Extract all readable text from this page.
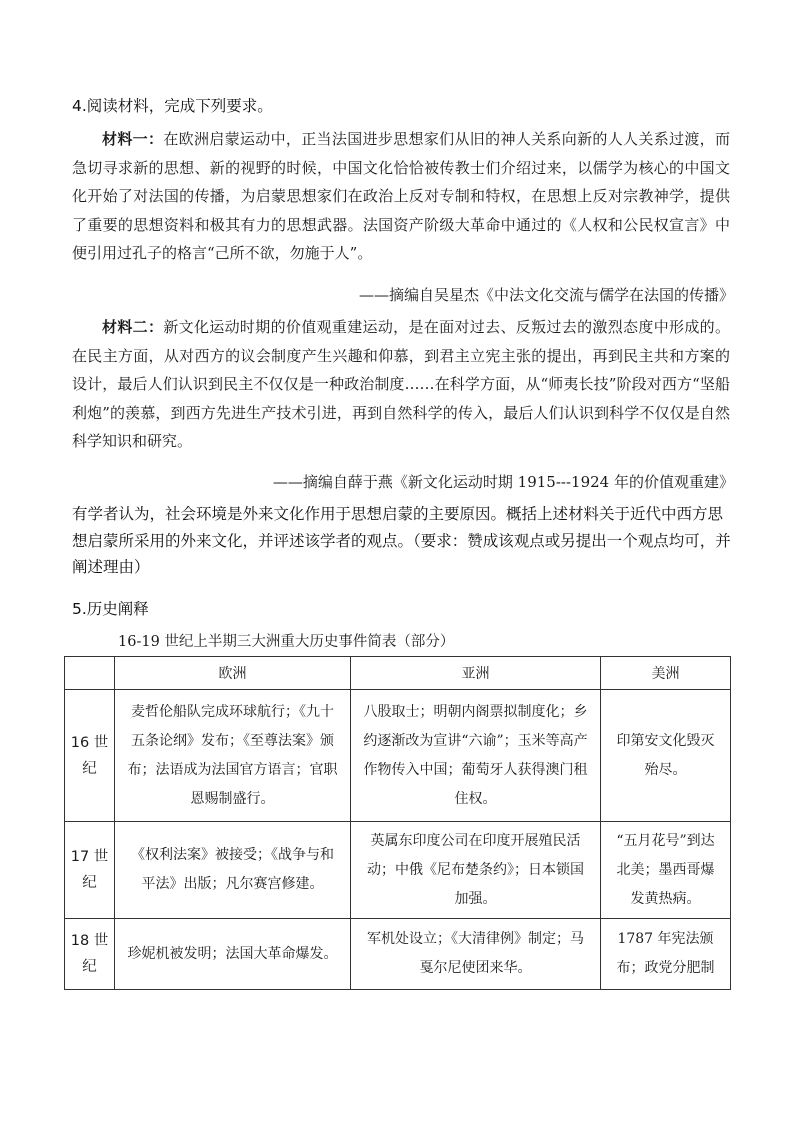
4.阅读材料，完成下列要求。
材料一：在欧洲启蒙运动中，正当法国进步思想家们从旧的神人关系向新的人人关系过渡，而急切寻求新的思想、新的视野的时候，中国文化恰恰被传教士们介绍过来，以儒学为核心的中国文化开始了对法国的传播，为启蒙思想家们在政治上反对专制和特权，在思想上反对宗教神学，提供了重要的思想资料和极其有力的思想武器。法国资产阶级大革命中通过的《人权和公民权宣言》中便引用过孔子的格言“己所不欲，勿施于人”。
——摘编自吴星杰《中法文化交流与儒学在法国的传播》
材料二：新文化运动时期的价值观重建运动，是在面对过去、反叛过去的激烈态度中形成的。在民主方面，从对西方的议会制度产生兴趣和仰慕，到君主立宪主张的提出，再到民主共和方案的设计，最后人们认识到民主不仅仅是一种政治制度……在科学方面，从“师夷长技”阶段对西方“坚船利炮”的羡慕，到西方先进生产技术引进，再到自然科学的传入，最后人们认识到科学不仅仅是自然科学知识和研究。
——摘编自薛于燕《新文化运动时期 1915---1924 年的价值观重建》
有学者认为，社会环境是外来文化作用于思想启蒙的主要原因。概括上述材料关于近代中西方思想启蒙所采用的外来文化，并评述该学者的观点。（要求：赞成该观点或另提出一个观点均可，并阐述理由）
5.历史阐释
16-19 世纪上半期三大洲重大历史事件简表（部分）
	欧洲	亚洲	美洲
16 世纪	麦哲伦船队完成环球航行；《九十五条论纲》发布；《至尊法案》颁布；法语成为法国官方语言；官职恩赐制盛行。	八股取士；明朝内阁票拟制度化；乡约逐渐改为宣讲“六谕”；玉米等高产作物传入中国；葡萄牙人获得澳门租住权。	印第安文化毁灭殆尽。
17 世纪	《权利法案》被接受；《战争与和平法》出版；凡尔赛宫修建。	英属东印度公司在印度开展殖民活动；中俄《尼布楚条约》；日本锁国加强。	“五月花号”到达北美；墨西哥爆发黄热病。
18 世纪	珍妮机被发明；法国大革命爆发。	军机处设立；《大清律例》制定；马戛尔尼使团来华。	1787 年宪法颁布；政党分肥制
